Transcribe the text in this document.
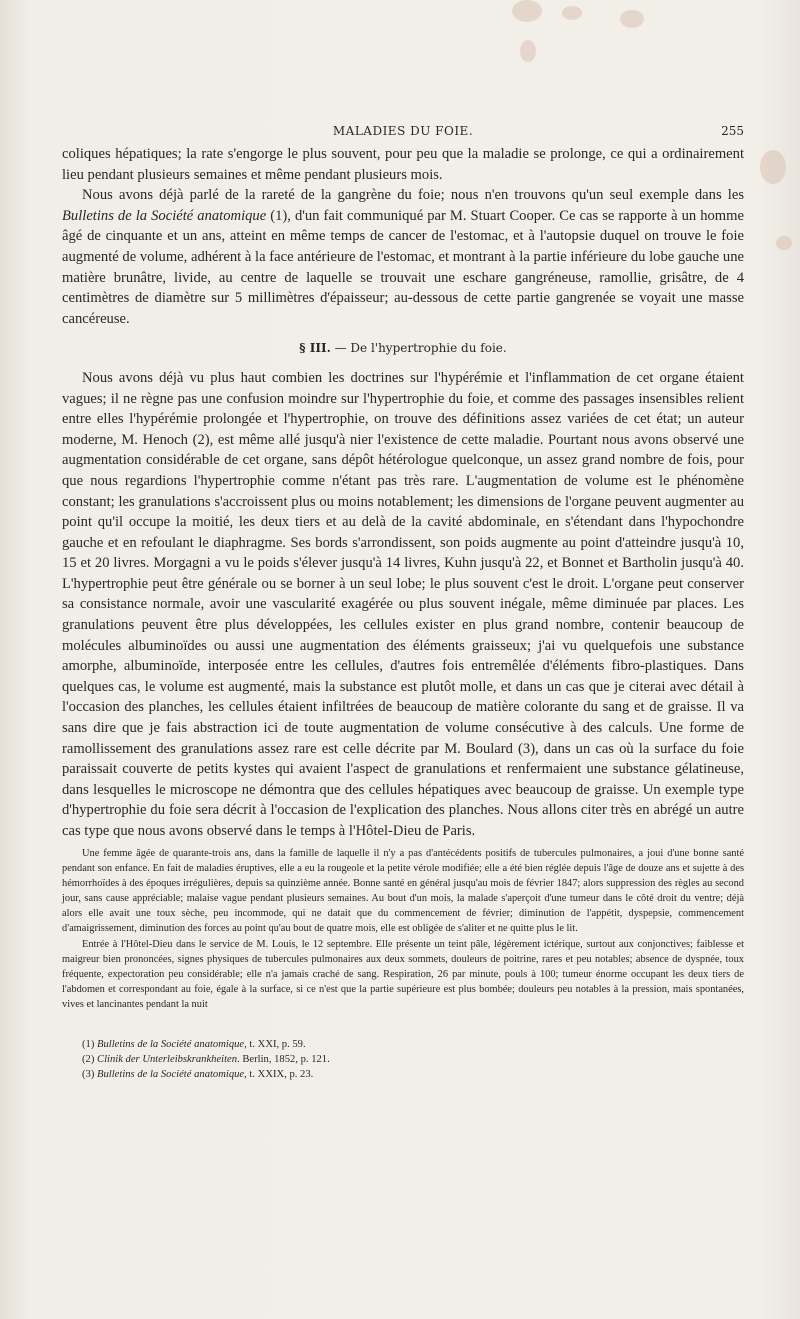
MALADIES DU FOIE.	255

coliques hépatiques; la rate s'engorge le plus souvent, pour peu que la maladie se prolonge, ce qui a ordinairement lieu pendant plusieurs semaines et même pendant plusieurs mois.

Nous avons déjà parlé de la rareté de la gangrène du foie; nous n'en trouvons qu'un seul exemple dans les Bulletins de la Société anatomique (1), d'un fait communiqué par M. Stuart Cooper. Ce cas se rapporte à un homme âgé de cinquante et un ans, atteint en même temps de cancer de l'estomac, et à l'autopsie duquel on trouve le foie augmenté de volume, adhérent à la face antérieure de l'estomac, et montrant à la partie inférieure du lobe gauche une matière brunâtre, livide, au centre de laquelle se trouvait une eschare gangréneuse, ramollie, grisâtre, de 4 centimètres de diamètre sur 5 millimètres d'épaisseur; au-dessous de cette partie gangrenée se voyait une masse cancéreuse.

§ III. — De l'hypertrophie du foie.

Nous avons déjà vu plus haut combien les doctrines sur l'hypérémie et l'inflammation de cet organe étaient vagues; il ne règne pas une confusion moindre sur l'hypertrophie du foie, et comme des passages insensibles relient entre elles l'hypérémie prolongée et l'hypertrophie, on trouve des définitions assez variées de cet état; un auteur moderne, M. Henoch (2), est même allé jusqu'à nier l'existence de cette maladie. Pourtant nous avons observé une augmentation considérable de cet organe, sans dépôt hétérologue quelconque, un assez grand nombre de fois, pour que nous regardions l'hypertrophie comme n'étant pas très rare. L'augmentation de volume est le phénomène constant; les granulations s'accroissent plus ou moins notablement; les dimensions de l'organe peuvent augmenter au point qu'il occupe la moitié, les deux tiers et au delà de la cavité abdominale, en s'étendant dans l'hypochondre gauche et en refoulant le diaphragme. Ses bords s'arrondissent, son poids augmente au point d'atteindre jusqu'à 10, 15 et 20 livres. Morgagni a vu le poids s'élever jusqu'à 14 livres, Kuhn jusqu'à 22, et Bonnet et Bartholin jusqu'à 40. L'hypertrophie peut être générale ou se borner à un seul lobe; le plus souvent c'est le droit. L'organe peut conserver sa consistance normale, avoir une vascularité exagérée ou plus souvent inégale, même diminuée par places. Les granulations peuvent être plus développées, les cellules exister en plus grand nombre, contenir beaucoup de molécules albuminoïdes ou aussi une augmentation des éléments graisseux; j'ai vu quelquefois une substance amorphe, albuminoïde, interposée entre les cellules, d'autres fois entremêlée d'éléments fibro-plastiques. Dans quelques cas, le volume est augmenté, mais la substance est plutôt molle, et dans un cas que je citerai avec détail à l'occasion des planches, les cellules étaient infiltrées de beaucoup de matière colorante du sang et de graisse. Il va sans dire que je fais abstraction ici de toute augmentation de volume consécutive à des calculs. Une forme de ramollissement des granulations assez rare est celle décrite par M. Boulard (3), dans un cas où la surface du foie paraissait couverte de petits kystes qui avaient l'aspect de granulations et renfermaient une substance gélatineuse, dans lesquelles le microscope ne démontra que des cellules hépatiques avec beaucoup de graisse. Un exemple type d'hypertrophie du foie sera décrit à l'occasion de l'explication des planches. Nous allons citer très en abrégé un autre cas type que nous avons observé dans le temps à l'Hôtel-Dieu de Paris.

Une femme âgée de quarante-trois ans, dans la famille de laquelle il n'y a pas d'antécédents positifs de tubercules pulmonaires, a joui d'une bonne santé pendant son enfance. En fait de maladies éruptives, elle a eu la rougeole et la petite vérole modifiée; elle a été bien réglée depuis l'âge de douze ans et sujette à des hémorrhoïdes à des époques irrégulières, depuis sa quinzième année. Bonne santé en général jusqu'au mois de février 1847; alors suppression des règles au second jour, sans cause appréciable; malaise vague pendant plusieurs semaines. Au bout d'un mois, la malade s'aperçoit d'une tumeur dans le côté droit du ventre; déjà alors elle avait une toux sèche, peu incommode, qui ne datait que du commencement de février; diminution de l'appétit, dyspepsie, commencement d'amaigrissement, diminution des forces au point qu'au bout de quatre mois, elle est obligée de s'aliter et ne quitte plus le lit.

Entrée à l'Hôtel-Dieu dans le service de M. Louis, le 12 septembre. Elle présente un teint pâle, légèrement ictérique, surtout aux conjonctives; faiblesse et maigreur bien prononcées, signes physiques de tubercules pulmonaires aux deux sommets, douleurs de poitrine, rares et peu notables; absence de dyspnée, toux fréquente, expectoration peu considérable; elle n'a jamais craché de sang. Respiration, 26 par minute, pouls à 100; tumeur énorme occupant les deux tiers de l'abdomen et correspondant au foie, égale à la surface, si ce n'est que la partie supérieure est plus bombée; douleurs peu notables à la pression, mais spontanées, vives et lancinantes pendant la nuit

(1) Bulletins de la Société anatomique, t. XXI, p. 59.

(2) Clinik der Unterleibskrankheiten. Berlin, 1852, p. 121.

(3) Bulletins de la Société anatomique, t. XXIX, p. 23.
